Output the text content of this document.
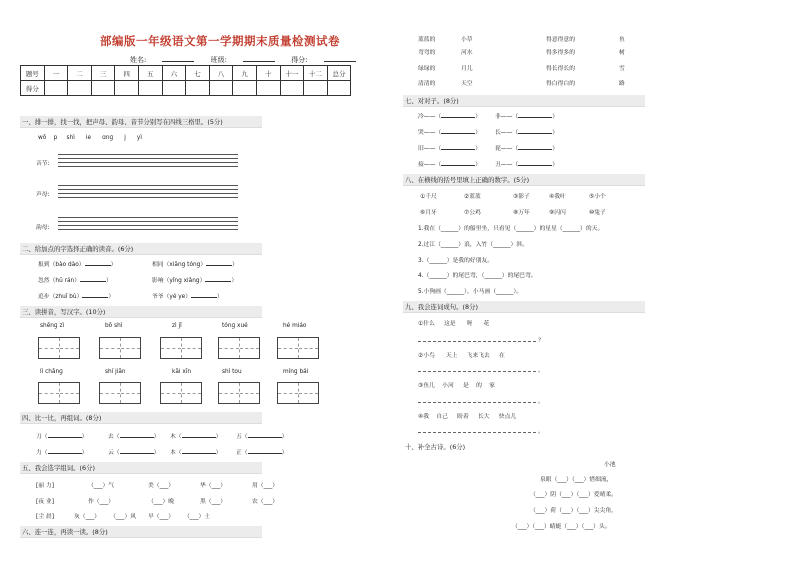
部编版一年级语文第一学期期末质量检测试卷
姓名:	班级:	得分:
题号	一	二	三	四	五	六	七	八	九	十	十一	十二	总分
得分													
一、排一排，找一找，把声母、韵母、音节分别写在四线三格里。(5分)
wǒ    p     shì      ie      ɑnɡ      j      yì
音节:
声母:
韵母:
二、给加点的字选择正确的读音。(6分)
报到（bào dào）	）	相同（xiāng tóng）	）
忽然（hū rán）	）	影响（yǐng xiǎng）	）
追步（zhuī bù）	）	爷爷（yé ye）	）
三、读拼音，写汉字。(10分)
shēnɡ zì	bō shì	zì jǐ	tónɡ xué	hé miáo
lì chǎnɡ	shí jiān	kāi xīn	shì tou	mínɡ bái
四、比一比，再组词。(8分)
刀（	）	去（	） 木（	）	五（	）
力（	）	云（	） 本（	）	正（	）
五、我会选字组词。(6分)
[丽 力]	（___）气	美（___）	华（___）	用（___）
[夜 业]	作（___）	（___）晚	黑（___）	农（___）
[尘 晨]	灰（___） （___）风 早（___） （___）土
六、连一连，再读一读。(8分)
蓝蓝的	小草	得意得意的	鱼
弯弯的	河水	得多得多的	树
绿绿的	月儿	得长得长的	雪
清清的	天空	得白得白的	路
七、对对子。(8分)
冷——（	） 非——（	）
哭——（	） 长——（	）
旧——（	） 琵——（	）
接——（	） 丑——（	）
八、在横线的括号里填上正确的数字。(5分)
①千尺	②蓝蓝	③影子	④我叶	⑤小个
⑥月牙	⑦公鸡	⑧万年	⑨闪闪	⑩兔子
1.我在（______）的船里坐，只看见（______）的星星（______）的天。
2.过江（______）浪，入竹（______）斜。
3.（______）是我的好朋友。
4.（______）的尾巴弯，（______）的尾巴弯。
5.小狗画（______），小马画（______）。
九、我会连词成句。(8分)
①什么     这是      呀      花
？
②小鸟      天上     飞来飞去     在
。
③鱼儿    小河     是    的    家
。
④我    自己     盼着     长大     快点儿
。
十、补全古诗。(6分)
小池
泉眼（___）（___）惜细流，
（___）阴（___）（___）爱晴柔。
（___）荷（___）（___）尖尖角，
（___）（___）蜻蜓（___）（___）头。
